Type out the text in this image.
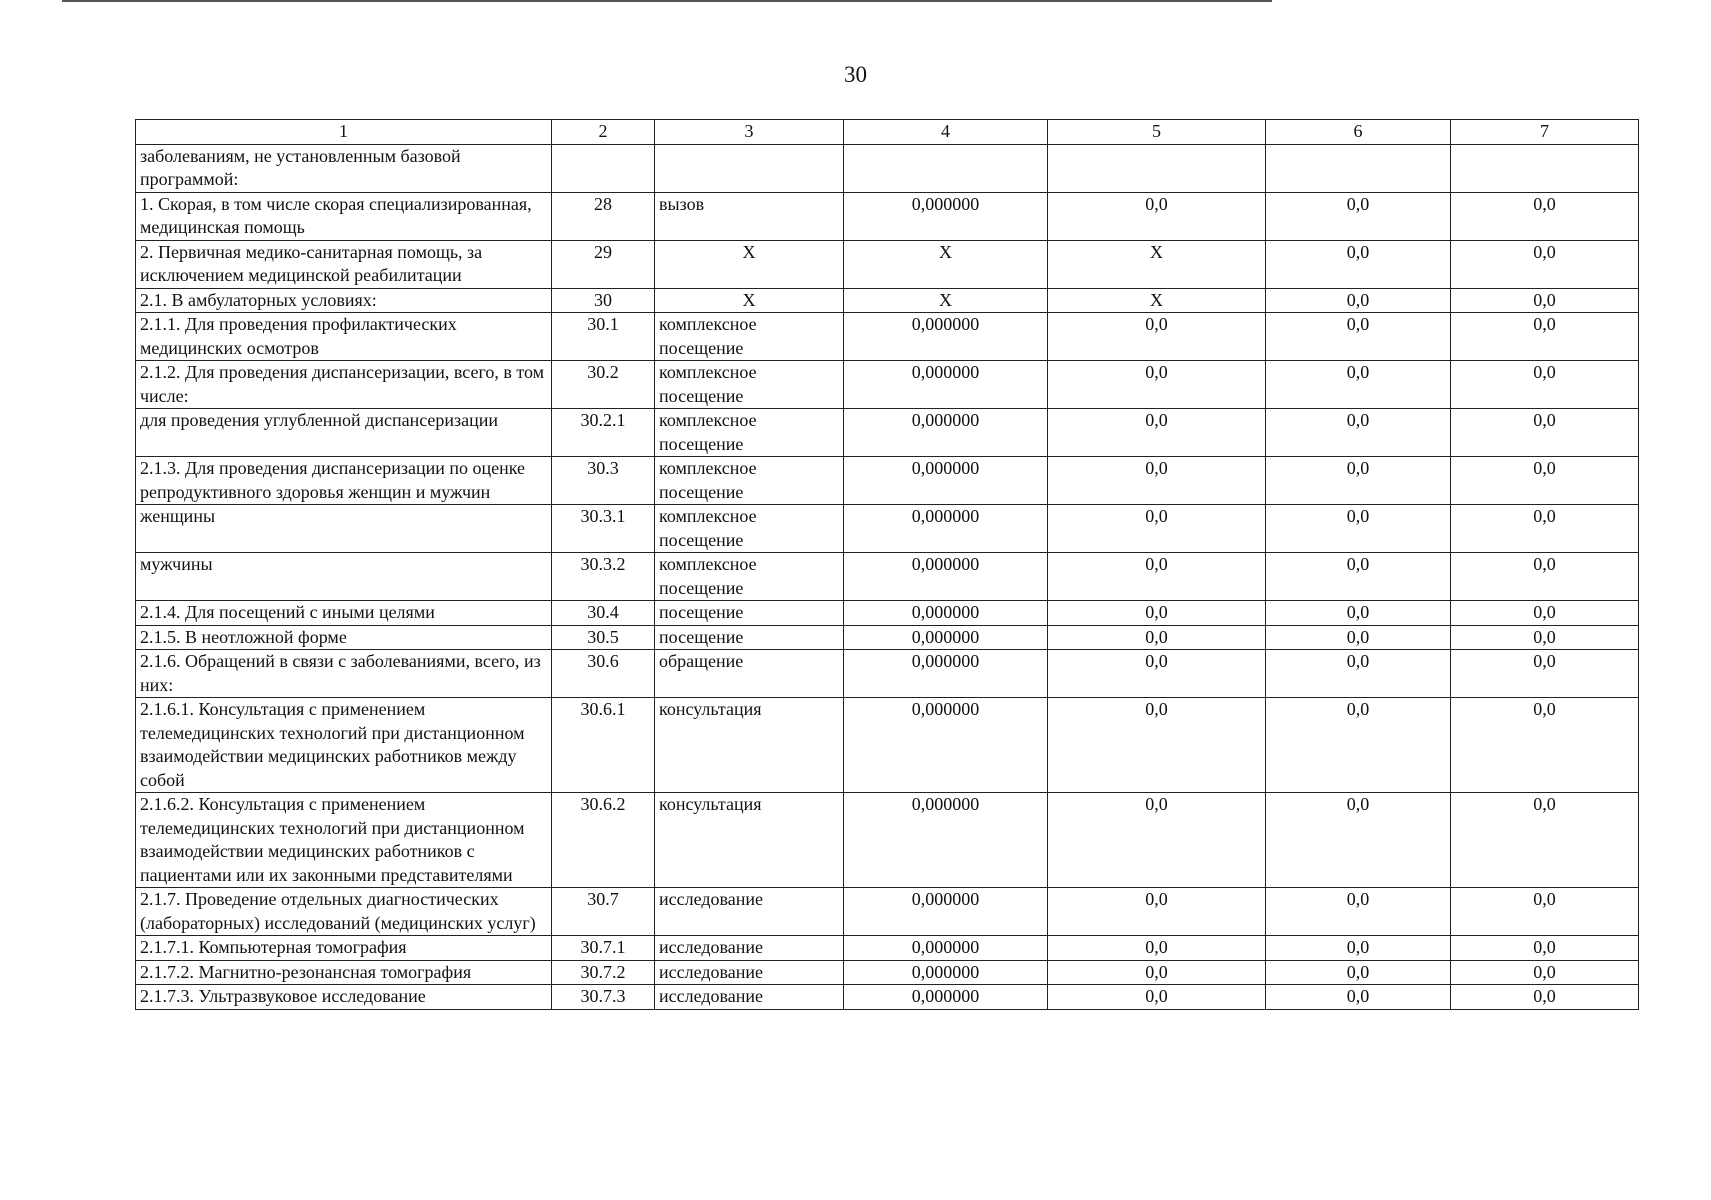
30
1	2	3	4	5	6	7
заболеваниям, не установленным базовой программой:						
1. Скорая, в том числе скорая специализированная, медицинская помощь	28	вызов	0,000000	0,0	0,0	0,0
2. Первичная медико-санитарная помощь, за исключением медицинской реабилитации	29	X	X	X	0,0	0,0
2.1. В амбулаторных условиях:	30	X	X	X	0,0	0,0
2.1.1. Для проведения профилактических медицинских осмотров	30.1	комплексное посещение	0,000000	0,0	0,0	0,0
2.1.2. Для проведения диспансеризации, всего, в том числе:	30.2	комплексное посещение	0,000000	0,0	0,0	0,0
для проведения углубленной диспансеризации	30.2.1	комплексное посещение	0,000000	0,0	0,0	0,0
2.1.3. Для проведения диспансеризации по оценке репродуктивного здоровья женщин и мужчин	30.3	комплексное посещение	0,000000	0,0	0,0	0,0
женщины	30.3.1	комплексное посещение	0,000000	0,0	0,0	0,0
мужчины	30.3.2	комплексное посещение	0,000000	0,0	0,0	0,0
2.1.4. Для посещений с иными целями	30.4	посещение	0,000000	0,0	0,0	0,0
2.1.5. В неотложной форме	30.5	посещение	0,000000	0,0	0,0	0,0
2.1.6. Обращений в связи с заболеваниями, всего, из них:	30.6	обращение	0,000000	0,0	0,0	0,0
2.1.6.1. Консультация с применением телемедицинских технологий при дистанционном взаимодействии медицинских работников между собой	30.6.1	консультация	0,000000	0,0	0,0	0,0
2.1.6.2. Консультация с применением телемедицинских технологий при дистанционном взаимодействии медицинских работников с пациентами или их законными представителями	30.6.2	консультация	0,000000	0,0	0,0	0,0
2.1.7. Проведение отдельных диагностических (лабораторных) исследований (медицинских услуг)	30.7	исследование	0,000000	0,0	0,0	0,0
2.1.7.1. Компьютерная томография	30.7.1	исследование	0,000000	0,0	0,0	0,0
2.1.7.2. Магнитно-резонансная томография	30.7.2	исследование	0,000000	0,0	0,0	0,0
2.1.7.3. Ультразвуковое исследование	30.7.3	исследование	0,000000	0,0	0,0	0,0
